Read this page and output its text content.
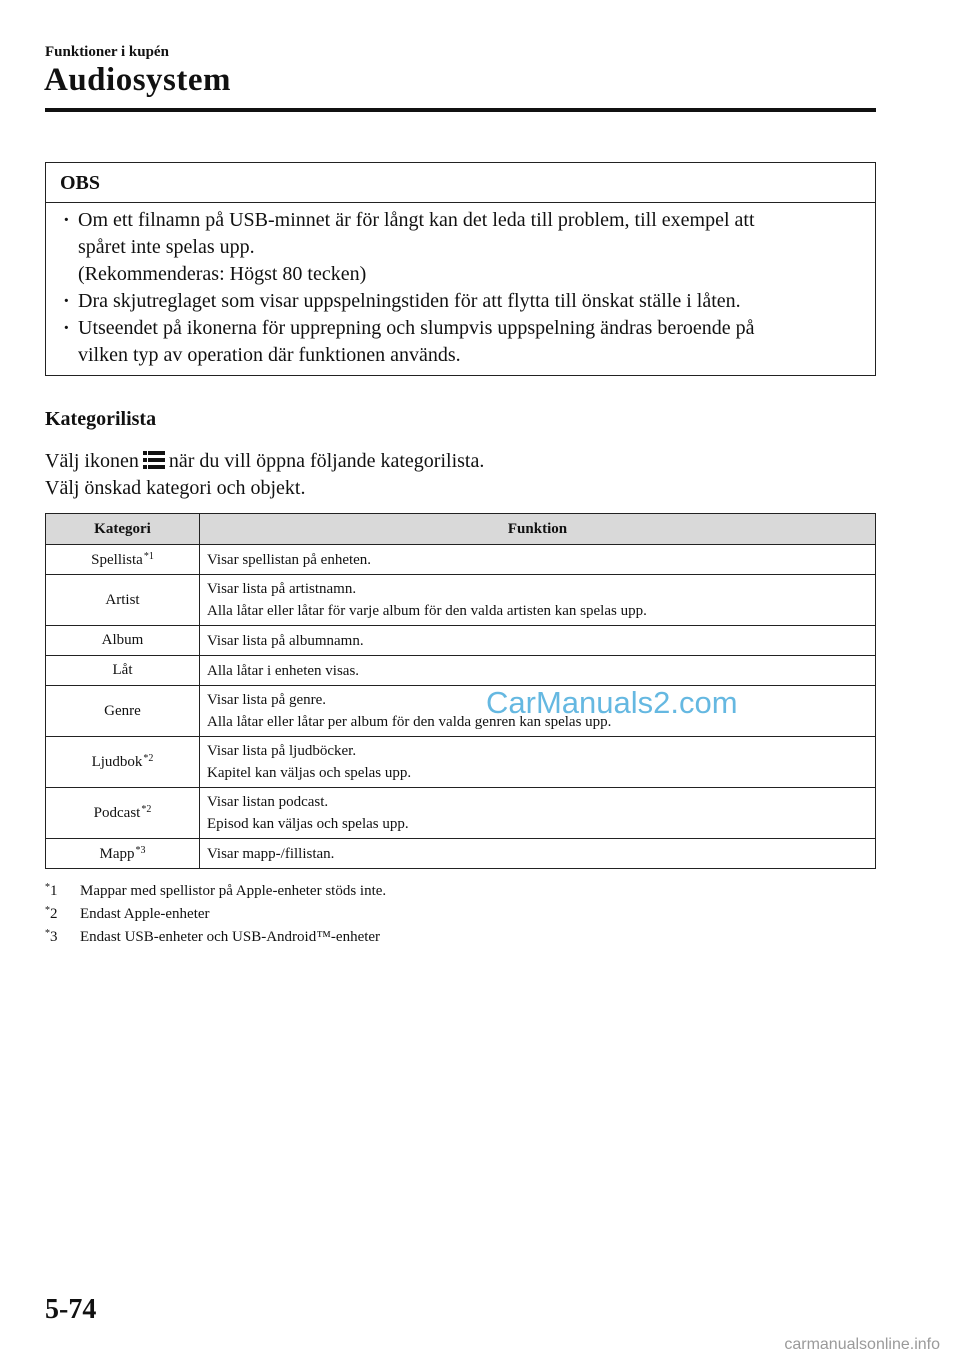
Funktioner i kupén
Audiosystem
OBS
· Om ett filnamn på USB-minnet är för långt kan det leda till problem, till exempel att
spåret inte spelas upp.
(Rekommenderas: Högst 80 tecken)
· Dra skjutreglaget som visar uppspelningstiden för att flytta till önskat ställe i låten.
· Utseendet på ikonerna för upprepning och slumpvis uppspelning ändras beroende på
vilken typ av operation där funktionen används.
Kategorilista
Välj ikonen när du vill öppna följande kategorilista.
Välj önskad kategori och objekt.
Kategori	Funktion
Spellista$^{*1}$	Visar spellistan på enheten.

Artist	Visar lista på artistnamn.
Alla låtar eller låtar för varje album för den valda artisten kan spelas upp.

Album	Visar lista på albumnamn.

Låt	Alla låtar i enheten visas.

Genre	Visar lista på genre.
Alla låtar eller låtar per album för den valda genren kan spelas upp.

Ljudbok$^{*2}$	Visar lista på ljudböcker.
Kapitel kan väljas och spelas upp.

Podcast$^{*2}$	Visar listan podcast.
Episod kan väljas och spelas upp.

Mapp$^{*3}$	Visar mapp-/fillistan.
*1 Mappar med spellistor på Apple-enheter stöds inte.
*2 Endast Apple-enheter
*3 Endast USB-enheter och USB-Android™-enheter
CarManuals2.com
5-74
carmanualsonline.info
